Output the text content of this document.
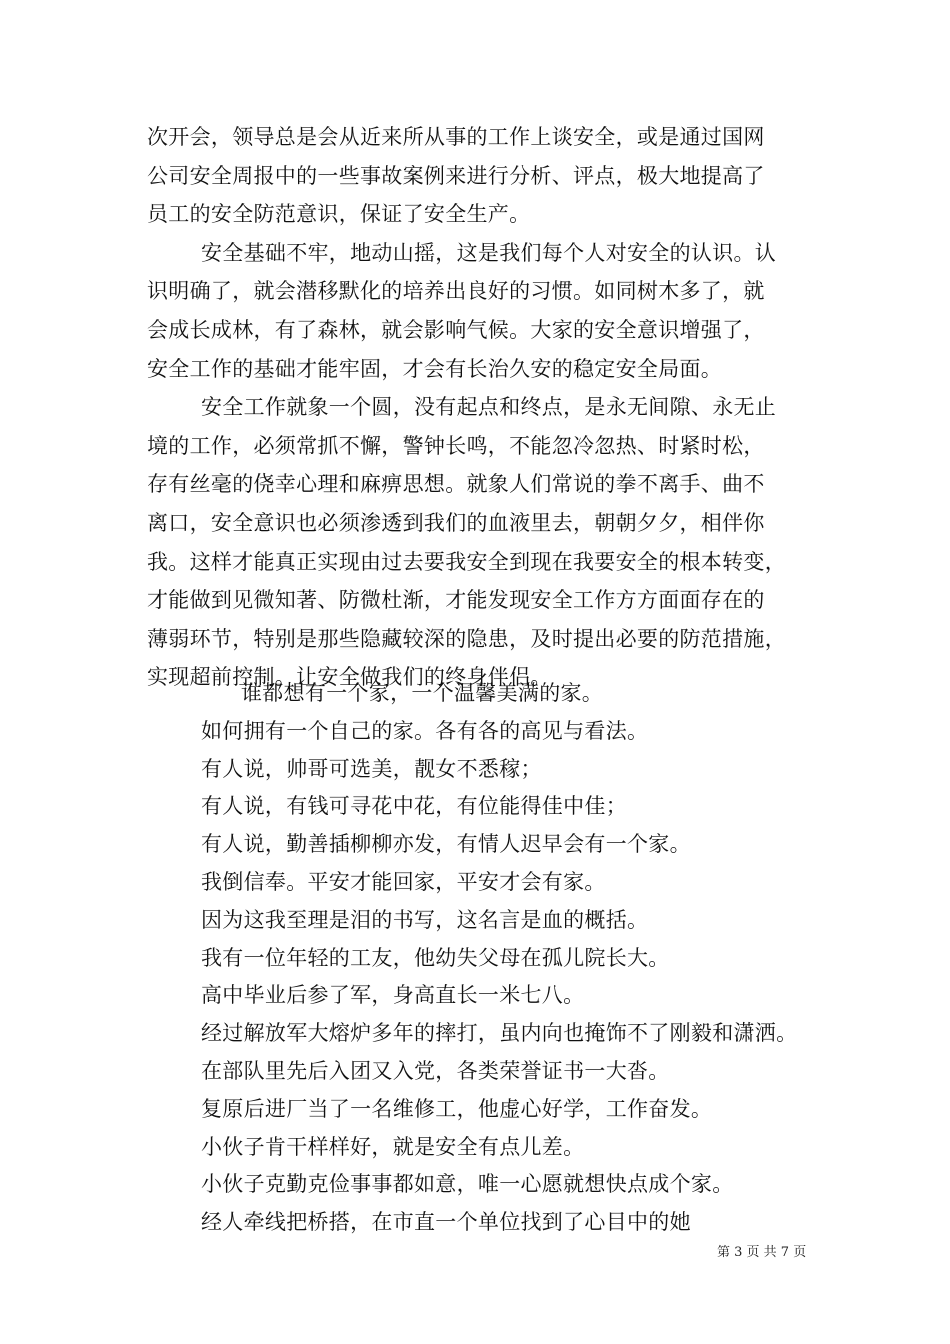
次开会，领导总是会从近来所从事的工作上谈安全，或是通过国网
公司安全周报中的一些事故案例来进行分析、评点，极大地提高了
员工的安全防范意识，保证了安全生产。
安全基础不牢，地动山摇，这是我们每个人对安全的认识。认
识明确了，就会潜移默化的培养出良好的习惯。如同树木多了，就
会成长成林，有了森林，就会影响气候。大家的安全意识增强了，
安全工作的基础才能牢固，才会有长治久安的稳定安全局面。
安全工作就象一个圆，没有起点和终点，是永无间隙、永无止
境的工作，必须常抓不懈，警钟长鸣，不能忽冷忽热、时紧时松，
存有丝毫的侥幸心理和麻痹思想。就象人们常说的拳不离手、曲不
离口，安全意识也必须渗透到我们的血液里去，朝朝夕夕，相伴你
我。这样才能真正实现由过去要我安全到现在我要安全的根本转变，
才能做到见微知著、防微杜渐，才能发现安全工作方方面面存在的
薄弱环节，特别是那些隐藏较深的隐患，及时提出必要的防范措施，
实现超前控制。让安全做我们的终身伴侣。
谁都想有一个家，一个温馨美满的家。
如何拥有一个自己的家。各有各的高见与看法。
有人说，帅哥可选美，靓女不悉稼；
有人说，有钱可寻花中花，有位能得佳中佳；
有人说，勤善插柳柳亦发，有情人迟早会有一个家。
我倒信奉。平安才能回家，平安才会有家。
因为这我至理是泪的书写，这名言是血的概括。
我有一位年轻的工友，他幼失父母在孤儿院长大。
高中毕业后参了军，身高直长一米七八。
经过解放军大熔炉多年的摔打，虽内向也掩饰不了刚毅和潇洒。
在部队里先后入团又入党，各类荣誉证书一大沓。
复原后进厂当了一名维修工，他虚心好学，工作奋发。
小伙子肯干样样好，就是安全有点儿差。
小伙子克勤克俭事事都如意，唯一心愿就想快点成个家。
经人牵线把桥搭，在市直一个单位找到了心目中的她
第 3 页 共 7 页
